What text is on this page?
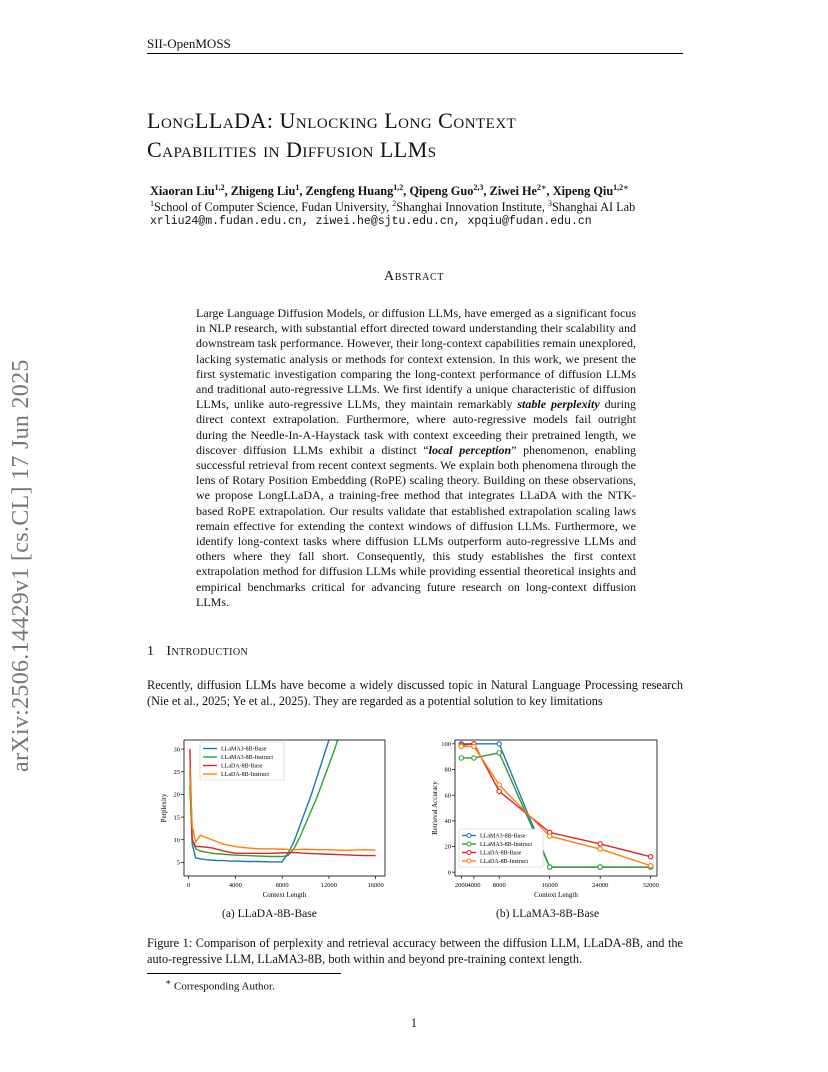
SII-OpenMOSS
LongLLaDA: Unlocking Long Context
Capabilities in Diffusion LLMs
Xiaoran Liu$^{1,2}$, Zhigeng Liu$^1$, Zengfeng Huang$^{1,2}$, Qipeng Guo$^{2,3}$, Ziwei $He^{2∗}$, Xipeng Qiu$^{1,2∗}$
$^1$School of Computer Science, Fudan University, $^2$Shanghai Innovation Institute, $^3$Shanghai AI Lab
xrliu24@m.fudan.edu.cn, ziwei.he@sjtu.edu.cn, xpqiu@fudan.edu.cn
Abstract
Large Language Diffusion Models, or diffusion LLMs, have emerged as a significant focus in NLP research, with substantial effort directed toward understanding their scalability and downstream task performance. However, their long-context capabilities remain unexplored, lacking systematic analysis or methods for context extension. In this work, we present the first systematic investigation comparing the long-context performance of diffusion LLMs and traditional auto-regressive LLMs. We first identify a unique characteristic of diffusion LLMs, unlike auto-regressive LLMs, they maintain remarkably stable perplexity during direct context extrapolation. Furthermore, where auto-regressive models fail outright during the Needle-In-A-Haystack task with context exceeding their pretrained length, we discover diffusion LLMs exhibit a distinct “local perception” phenomenon, enabling successful retrieval from recent context segments. We explain both phenomena through the lens of Rotary Position Embedding (RoPE) scaling theory. Building on these observations, we propose LongLLaDA, a training-free method that integrates LLaDA with the NTK-based RoPE extrapolation. Our results validate that established extrapolation scaling laws remain effective for extending the context windows of diffusion LLMs. Furthermore, we identify long-context tasks where diffusion LLMs outperform auto-regressive LLMs and others where they fall short. Consequently, this study establishes the first context extrapolation method for diffusion LLMs while providing essential theoretical insights and empirical benchmarks critical for advancing future research on long-context diffusion LLMs.
arXiv:2506.14429v1 [cs.CL] 17 Jun 2025	1 Introduction
Recently, diffusion LLMs have become a widely discussed topic in Natural Language Processing research (Nie et al., 2025; Ye et al., 2025). They are regarded as a potential solution to key limitations
0	4000	8000	12000	16000
5
10
15
20
25
30
Context Length
Perplexity
LLaMA3-8B-Base
LLaMA3-8B-Instruct
LLaDA-8B-Base
LLaDA-8B-Instruct
2000 4000 8000	16000	24000	32000
0
20
40
60
80
100
Context Length
Retrieval Accuracy
LLaMA3-8B-Base
LLaMA3-8B-Instruct
LLaDA-8B-Base
LLaDA-8B-Instruct
(a) LLaDA-8B-Base	(b) LLaMA3-8B-Base
Figure 1: Comparison of perplexity and retrieval accuracy between the diffusion LLM, LLaDA-8B, and the auto-regressive LLM, LLaMA3-8B, both within and beyond pre-training context length.
∗ Corresponding Author.
1
